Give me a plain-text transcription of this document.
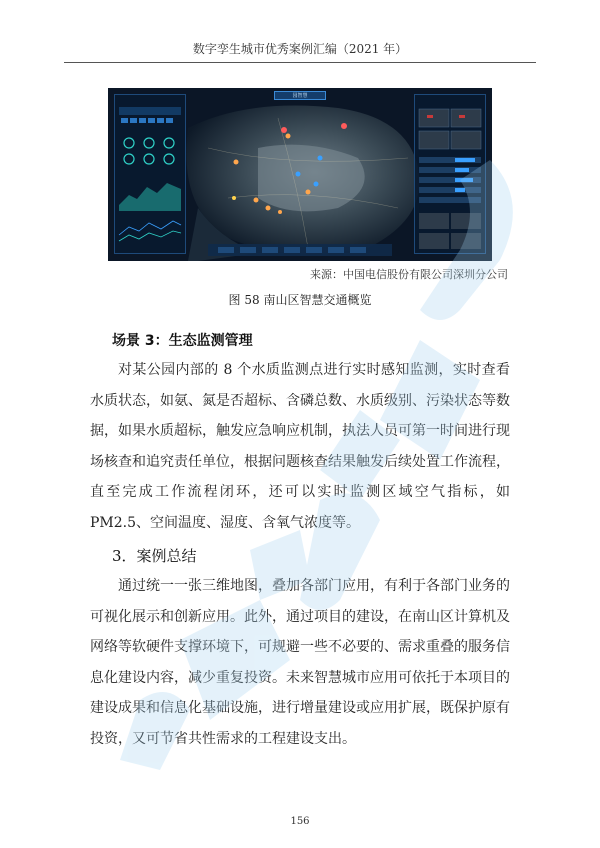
数字孪生城市优秀案例汇编（2021 年）
园智慧
来源：中国电信股份有限公司深圳分公司
图 58 南山区智慧交通概览
场景 3：生态监测管理

对某公园内部的 8 个水质监测点进行实时感知监测，实时查看水质状态，如氨、氮是否超标、含磷总数、水质级别、污染状态等数据，如果水质超标，触发应急响应机制，执法人员可第一时间进行现场核查和追究责任单位，根据问题核查结果触发后续处置工作流程，直至完成工作流程闭环，还可以实时监测区域空气指标，如 PM2.5、空间温度、湿度、含氧气浓度等。

3．案例总结

通过统一一张三维地图，叠加各部门应用，有利于各部门业务的可视化展示和创新应用。此外，通过项目的建设，在南山区计算机及网络等软硬件支撑环境下，可规避一些不必要的、需求重叠的服务信息化建设内容，减少重复投资。未来智慧城市应用可依托于本项目的建设成果和信息化基础设施，进行增量建设或应用扩展，既保护原有投资，又可节省共性需求的工程建设支出。

156
